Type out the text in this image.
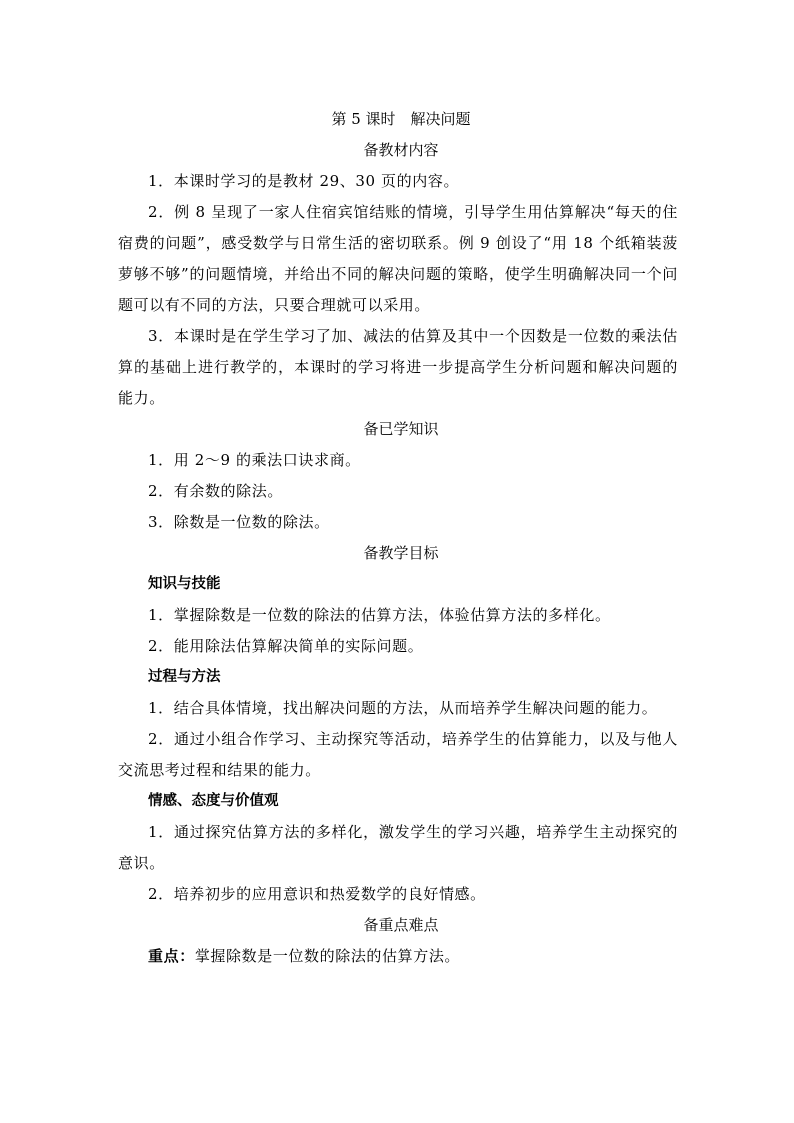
第 5 课时　解决问题

备教材内容

1．本课时学习的是教材 29、30 页的内容。

2．例 8 呈现了一家人住宿宾馆结账的情境，引导学生用估算解决“每天的住宿费的问题”，感受数学与日常生活的密切联系。例 9 创设了“用 18 个纸箱装菠萝够不够”的问题情境，并给出不同的解决问题的策略，使学生明确解决同一个问题可以有不同的方法，只要合理就可以采用。

3．本课时是在学生学习了加、减法的估算及其中一个因数是一位数的乘法估算的基础上进行教学的，本课时的学习将进一步提高学生分析问题和解决问题的能力。

备已学知识

1．用 2～9 的乘法口诀求商。

2．有余数的除法。

3．除数是一位数的除法。

备教学目标

知识与技能

1．掌握除数是一位数的除法的估算方法，体验估算方法的多样化。

2．能用除法估算解决简单的实际问题。

过程与方法

1．结合具体情境，找出解决问题的方法，从而培养学生解决问题的能力。

2．通过小组合作学习、主动探究等活动，培养学生的估算能力，以及与他人交流思考过程和结果的能力。

情感、态度与价值观

1．通过探究估算方法的多样化，激发学生的学习兴趣，培养学生主动探究的意识。

2．培养初步的应用意识和热爱数学的良好情感。

备重点难点

重点：掌握除数是一位数的除法的估算方法。
